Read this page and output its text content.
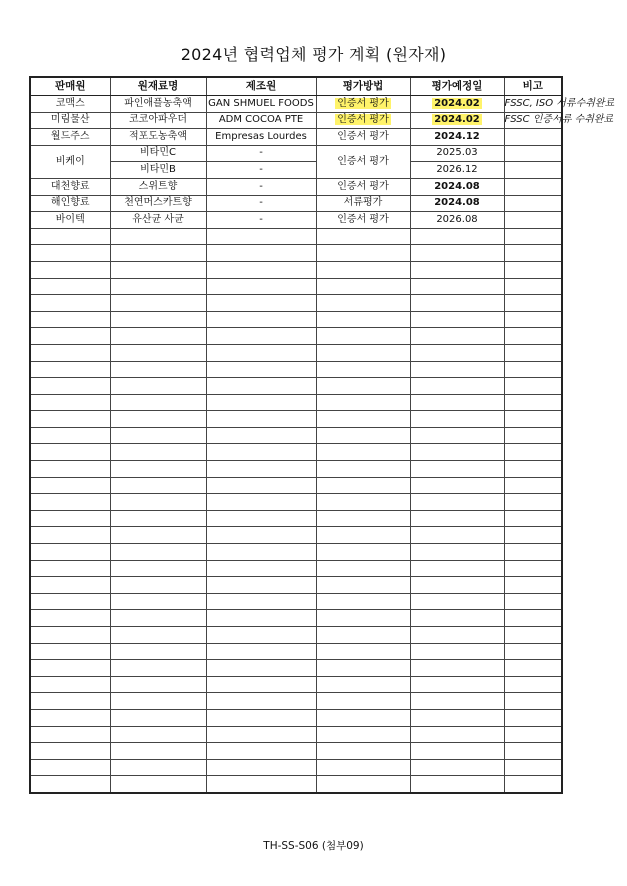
2024년 협력업체 평가 계획 (원자재)
판매원	원재료명	제조원	평가방법	평가예정일	비고
코맥스	파인애플농축액	GAN SHMUEL FOODS	인증서 평가	2024.02	FSSC, ISO 서류수취완료
미림물산	코코아파우더	ADM COCOA PTE	인증서 평가	2024.02	FSSC 인증서류 수취완료
월드주스	적포도농축액	Empresas Lourdes	인증서 평가	2024.12	
비케이	비타민C	-	인증서 평가	2025.03	
	비타민B	-		2026.12	
대천향료	스위트향	-	인증서 평가	2024.08	
해인향료	천연머스카트향	-	서류평가	2024.08	
바이텍	유산균 사균	-	인증서 평가	2026.08	

TH-SS-S06 (첨부09)
